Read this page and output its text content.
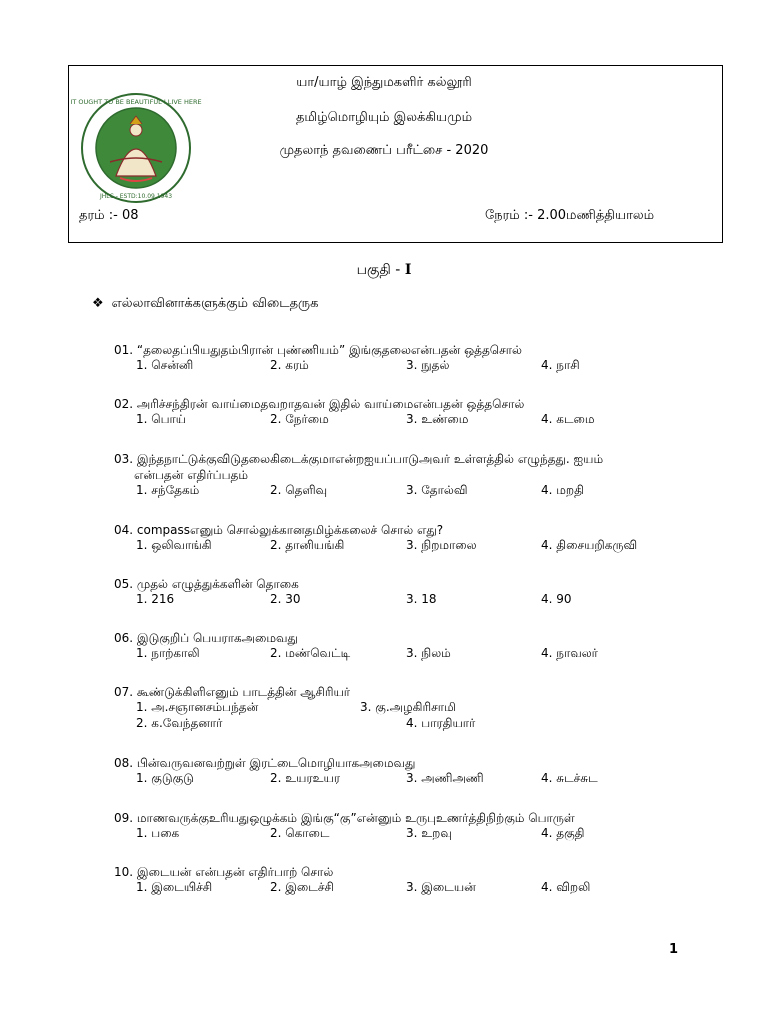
IT OUGHT TO BE BEAUTIFUL I LIVE HERE
JHLC - ESTD:10.09.1943
யா/யாழ் இந்துமகளிர் கல்லூரி
தமிழ்மொழியும் இலக்கியமும்
முதலாந் தவணைப் பரீட்சை - 2020
தரம் :- 08	நேரம் :- 2.00மணித்தியாலம்
பகுதி - I
❖ எல்லாவினாக்களுக்கும் விடைதருக
01. “தலைதப்பியதுதம்பிரான் புண்ணியம்” இங்குதலைஎன்பதன் ஒத்தசொல்
1. சென்னி	2. கரம்	3. நுதல்	4. நாசி
02. அரிச்சந்திரன் வாய்மைதவறாதவன் இதில் வாய்மைஎன்பதன் ஒத்தசொல்
1. பொய்	2. நேர்மை	3. உண்மை	4. கடமை
03. இந்தநாட்டுக்குவிடுதலைகிடைக்குமாஎன்றஐயப்பாடுஅவர் உள்ளத்தில் எழுந்தது. ஐயம்
என்பதன் எதிர்ப்பதம்
1. சந்தேகம்	2. தெளிவு	3. தோல்வி	4. மறதி
04. compassஎனும் சொல்லுக்கானதமிழ்க்கலைச் சொல் எது?
1. ஒலிவாங்கி	2. தானியங்கி	3. நிறமாலை	4. திசையறிகருவி
05. முதல் எழுத்துக்களின் தொகை
1. 216	2. 30	3. 18	4. 90
06. இடுகுறிப் பெயராகஅமைவது
1. நாற்காலி	2. மண்வெட்டி	3. நிலம்	4. நாவலர்
07. கூண்டுக்கிளிஎனும் பாடத்தின் ஆசிரியர்
1. அ.சஞானசம்பந்தன்	3. கு.அழகிரிசாமி
2. க.வேந்தனார்	4. பாரதியார்
08. பின்வருவனவற்றுள் இரட்டைமொழியாகஅமைவது
1. குடுகுடு	2. உயரஉயர	3. அணிஅணி	4. சுடச்சுட
09. மாணவருக்குஉரியதுஒழுக்கம் இங்கு“கு”என்னும் உருபுஉணர்த்திநிற்கும் பொருள்
1. பகை	2. கொடை	3. உறவு	4. தகுதி
10. இடையன் என்பதன் எதிர்பாற் சொல்
1. இடையிச்சி	2. இடைச்சி	3. இடையன்	4. விறலி
1
